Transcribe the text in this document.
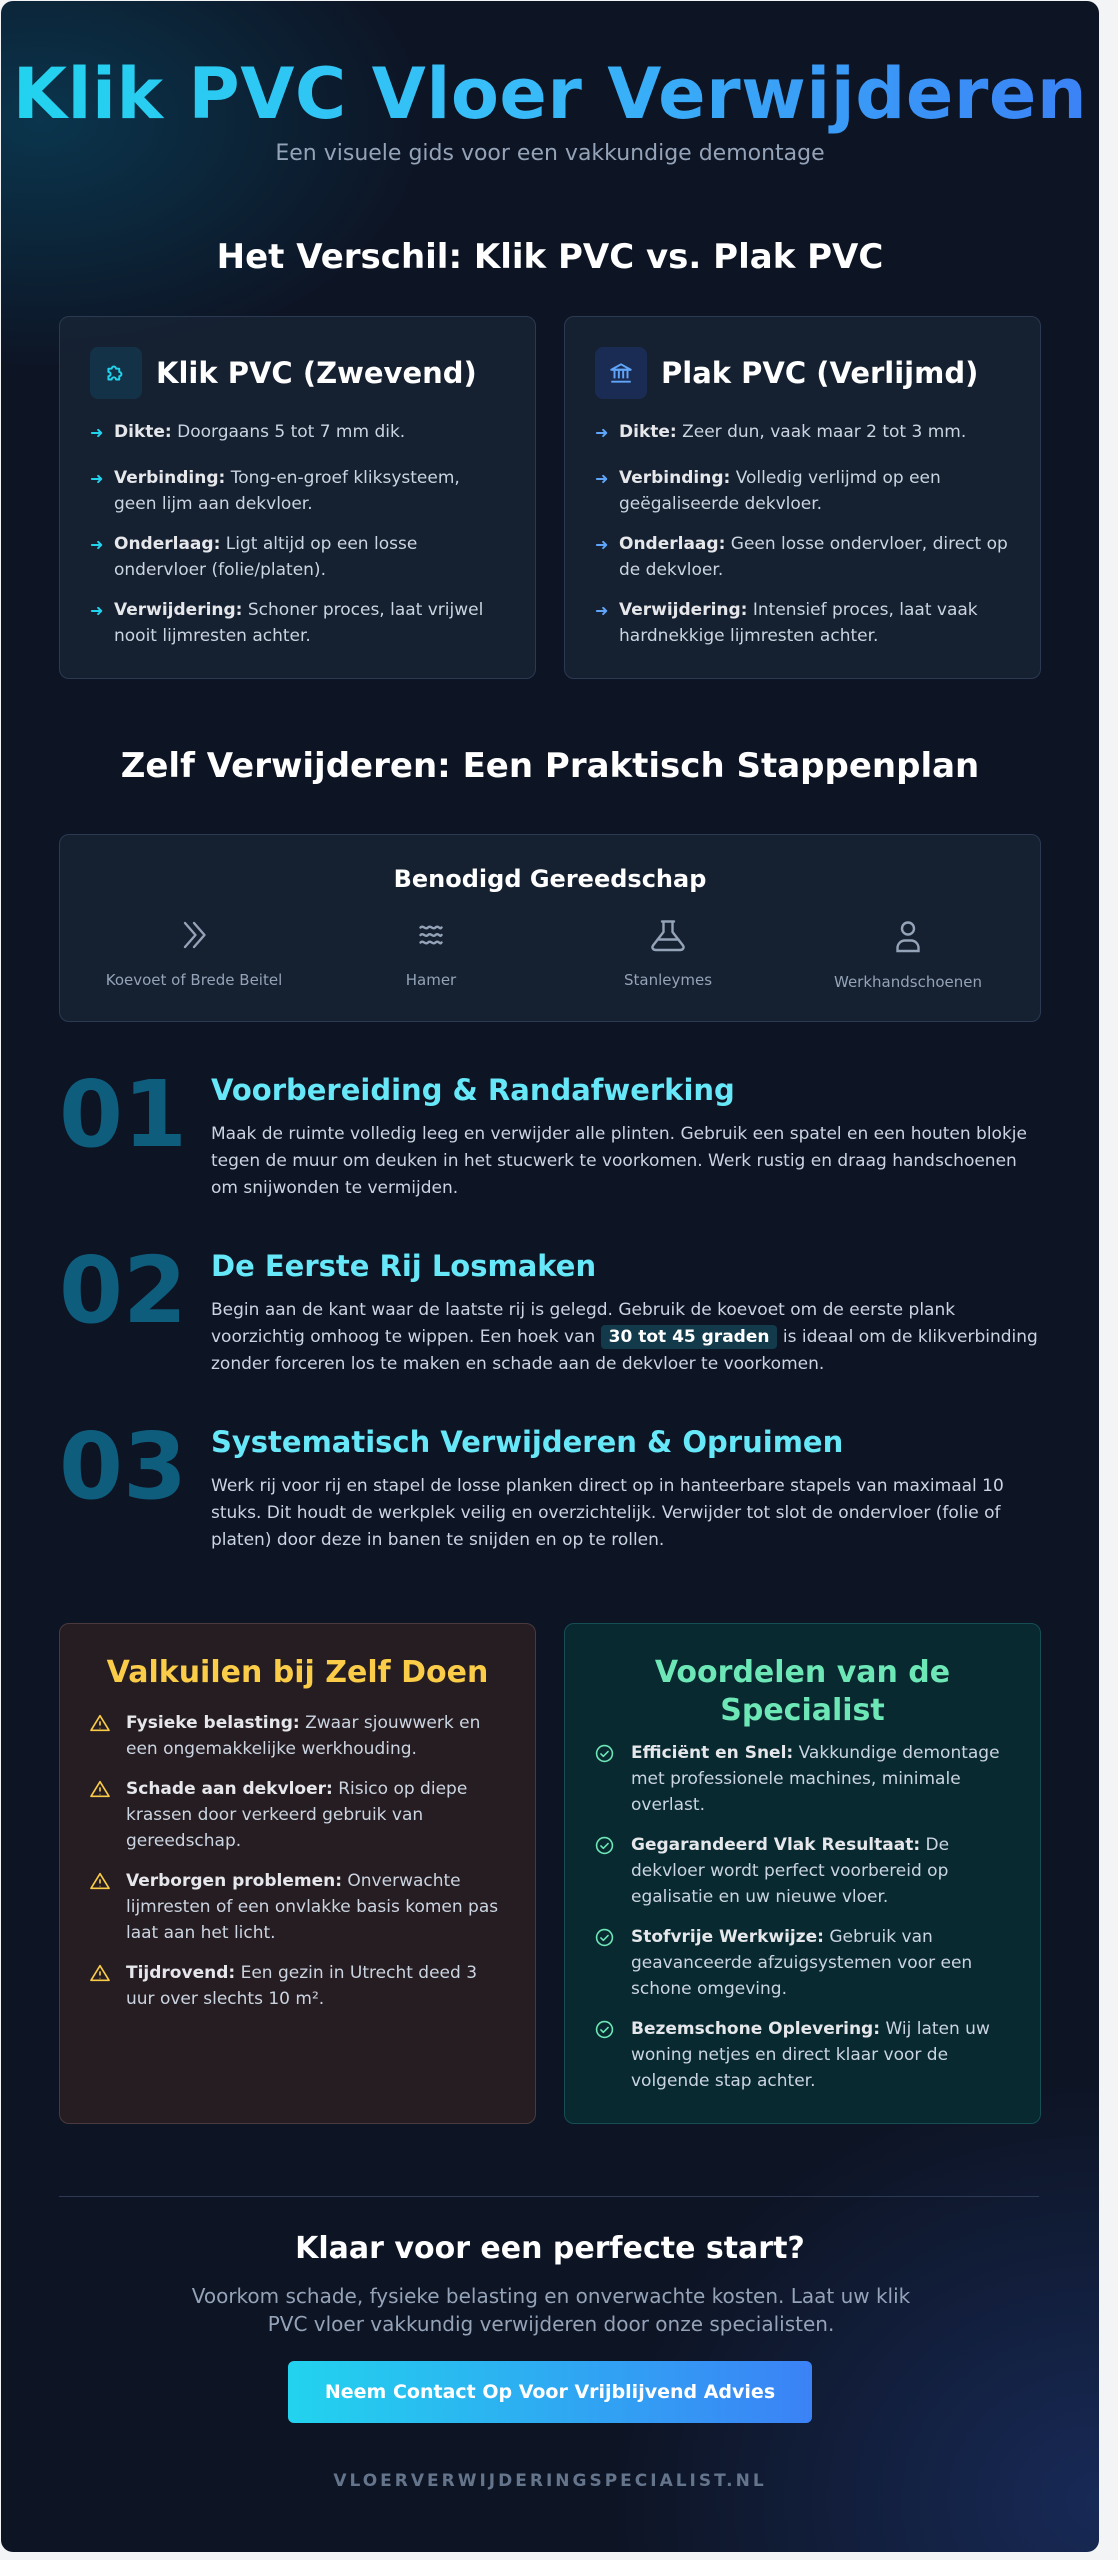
Klik PVC Vloer Verwijderen
Een visuele gids voor een vakkundige demontage
Het Verschil: Klik PVC vs. Plak PVC
Klik PVC (Zwevend)
➜ Dikte: Doorgaans 5 tot 7 mm dik.
➜ Verbinding: Tong-en-groef kliksysteem, geen lijm aan dekvloer.
➜ Onderlaag: Ligt altijd op een losse ondervloer (folie/platen).
➜ Verwijdering: Schoner proces, laat vrijwel nooit lijmresten achter.
Plak PVC (Verlijmd)
➜ Dikte: Zeer dun, vaak maar 2 tot 3 mm.
➜ Verbinding: Volledig verlijmd op een geëgaliseerde dekvloer.
➜ Onderlaag: Geen losse ondervloer, direct op de dekvloer.
➜ Verwijdering: Intensief proces, laat vaak hardnekkige lijmresten achter.
Zelf Verwijderen: Een Praktisch Stappenplan
Benodigd Gereedschap
Koevoet of Brede Beitel	Hamer	Stanleymes	Werkhandschoenen
01 Voorbereiding & Randafwerking

Maak de ruimte volledig leeg en verwijder alle plinten. Gebruik een spatel en een houten blokje tegen de muur om deuken in het stucwerk te voorkomen. Werk rustig en draag handschoenen om snijwonden te vermijden.

02 De Eerste Rij Losmaken

Begin aan de kant waar de laatste rij is gelegd. Gebruik de koevoet om de eerste plank voorzichtig omhoog te wippen. Een hoek van 30 tot 45 graden is ideaal om de klikverbinding zonder forceren los te maken en schade aan de dekvloer te voorkomen.

03 Systematisch Verwijderen & Opruimen

Werk rij voor rij en stapel de losse planken direct op in hanteerbare stapels van maximaal 10 stuks. Dit houdt de werkplek veilig en overzichtelijk. Verwijder tot slot de ondervloer (folie of platen) door deze in banen te snijden en op te rollen.

Valkuilen bij Zelf Doen
Fysieke belasting: Zwaar sjouwwerk en een ongemakkelijke werkhouding.
Schade aan dekvloer: Risico op diepe krassen door verkeerd gebruik van gereedschap.
Verborgen problemen: Onverwachte lijmresten of een onvlakke basis komen pas laat aan het licht.
Tijdrovend: Een gezin in Utrecht deed 3 uur over slechts 10 m².
Voordelen van de Specialist
Efficiënt en Snel: Vakkundige demontage met professionele machines, minimale overlast.
Gegarandeerd Vlak Resultaat: De dekvloer wordt perfect voorbereid op egalisatie en uw nieuwe vloer.
Stofvrije Werkwijze: Gebruik van geavanceerde afzuigsystemen voor een schone omgeving.
Bezemschone Oplevering: Wij laten uw woning netjes en direct klaar voor de volgende stap achter.
Klaar voor een perfecte start?
Voorkom schade, fysieke belasting en onverwachte kosten. Laat uw klik PVC vloer vakkundig verwijderen door onze specialisten.
Neem Contact Op Voor Vrijblijvend Advies
VLOERVERWIJDERINGSPECIALIST.NL
